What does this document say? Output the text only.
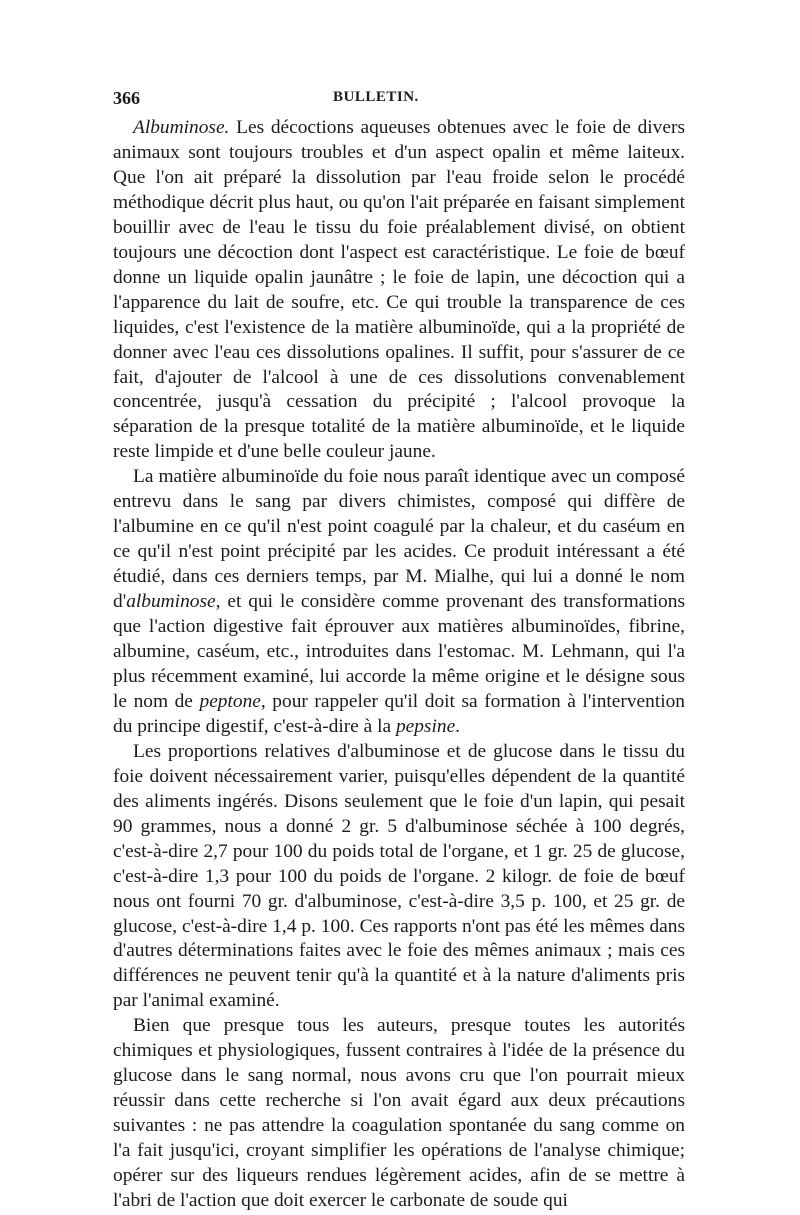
366	BULLETIN.

Albuminose. Les décoctions aqueuses obtenues avec le foie de divers animaux sont toujours troubles et d'un aspect opalin et même laiteux. Que l'on ait préparé la dissolution par l'eau froide selon le procédé méthodique décrit plus haut, ou qu'on l'ait préparée en faisant simplement bouillir avec de l'eau le tissu du foie préalablement divisé, on obtient toujours une décoction dont l'aspect est caractéristique. Le foie de bœuf donne un liquide opalin jaunâtre ; le foie de lapin, une décoction qui a l'apparence du lait de soufre, etc. Ce qui trouble la transparence de ces liquides, c'est l'existence de la matière albuminoïde, qui a la propriété de donner avec l'eau ces dissolutions opalines. Il suffit, pour s'assurer de ce fait, d'ajouter de l'alcool à une de ces dissolutions convenablement concentrée, jusqu'à cessation du précipité ; l'alcool provoque la séparation de la presque totalité de la matière albuminoïde, et le liquide reste limpide et d'une belle couleur jaune.

La matière albuminoïde du foie nous paraît identique avec un composé entrevu dans le sang par divers chimistes, composé qui diffère de l'albumine en ce qu'il n'est point coagulé par la chaleur, et du caséum en ce qu'il n'est point précipité par les acides. Ce produit intéressant a été étudié, dans ces derniers temps, par M. Mialhe, qui lui a donné le nom d'albuminose, et qui le considère comme provenant des transformations que l'action digestive fait éprouver aux matières albuminoïdes, fibrine, albumine, caséum, etc., introduites dans l'estomac. M. Lehmann, qui l'a plus récemment examiné, lui accorde la même origine et le désigne sous le nom de peptone, pour rappeler qu'il doit sa formation à l'intervention du principe digestif, c'est-à-dire à la pepsine.

Les proportions relatives d'albuminose et de glucose dans le tissu du foie doivent nécessairement varier, puisqu'elles dépendent de la quantité des aliments ingérés. Disons seulement que le foie d'un lapin, qui pesait 90 grammes, nous a donné 2 gr. 5 d'albuminose séchée à 100 degrés, c'est-à-dire 2,7 pour 100 du poids total de l'organe, et 1 gr. 25 de glucose, c'est-à-dire 1,3 pour 100 du poids de l'organe. 2 kilogr. de foie de bœuf nous ont fourni 70 gr. d'albuminose, c'est-à-dire 3,5 p. 100, et 25 gr. de glucose, c'est-à-dire 1,4 p. 100. Ces rapports n'ont pas été les mêmes dans d'autres déterminations faites avec le foie des mêmes animaux ; mais ces différences ne peuvent tenir qu'à la quantité et à la nature d'aliments pris par l'animal examiné.

Bien que presque tous les auteurs, presque toutes les autorités chimiques et physiologiques, fussent contraires à l'idée de la présence du glucose dans le sang normal, nous avons cru que l'on pourrait mieux réussir dans cette recherche si l'on avait égard aux deux précautions suivantes : ne pas attendre la coagulation spontanée du sang comme on l'a fait jusqu'ici, croyant simplifier les opérations de l'analyse chimique; opérer sur des liqueurs rendues légèrement acides, afin de se mettre à l'abri de l'action que doit exercer le carbonate de soude qui
